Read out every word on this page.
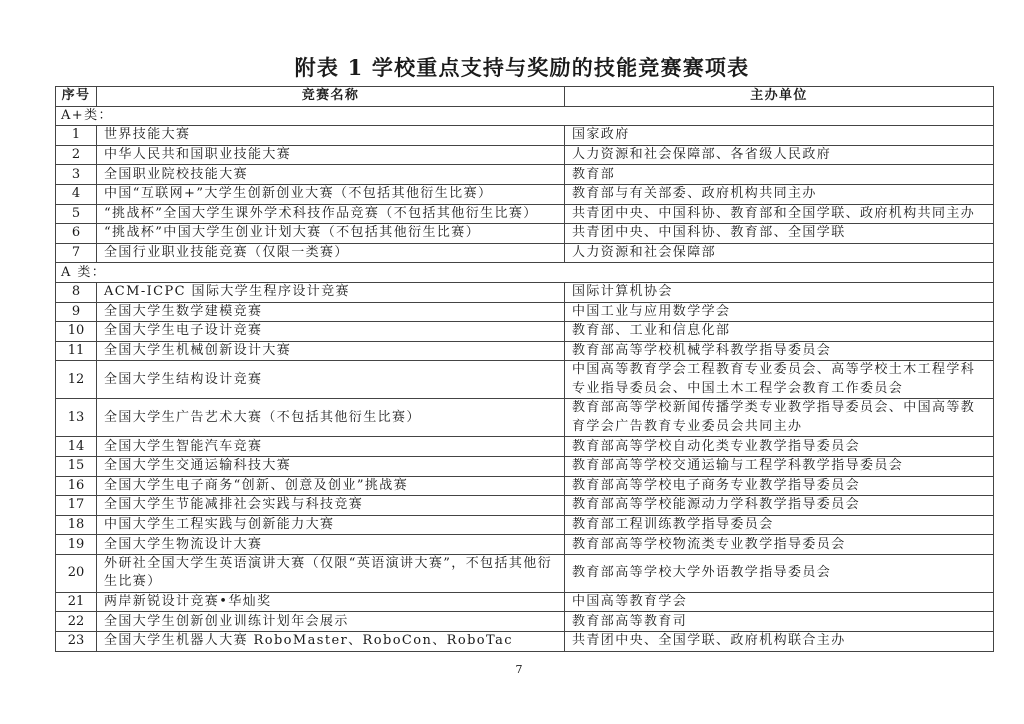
附表 1 学校重点支持与奖励的技能竞赛赛项表
序号	竞赛名称	主办单位
A+类：		
1	世界技能大赛	国家政府
2	中华人民共和国职业技能大赛	人力资源和社会保障部、各省级人民政府
3	全国职业院校技能大赛	教育部
4	中国“互联网+”大学生创新创业大赛（不包括其他衍生比赛）	教育部与有关部委、政府机构共同主办
5	“挑战杯”全国大学生课外学术科技作品竞赛（不包括其他衍生比赛）	共青团中央、中国科协、教育部和全国学联、政府机构共同主办
6	“挑战杯”中国大学生创业计划大赛（不包括其他衍生比赛）	共青团中央、中国科协、教育部、全国学联
7	全国行业职业技能竞赛（仅限一类赛）	人力资源和社会保障部
A 类：		
8	ACM-ICPC 国际大学生程序设计竞赛	国际计算机协会
9	全国大学生数学建模竞赛	中国工业与应用数学学会
10	全国大学生电子设计竞赛	教育部、工业和信息化部
11	全国大学生机械创新设计大赛	教育部高等学校机械学科教学指导委员会
12	全国大学生结构设计竞赛	中国高等教育学会工程教育专业委员会、高等学校土木工程学科专业指导委员会、中国土木工程学会教育工作委员会
13	全国大学生广告艺术大赛（不包括其他衍生比赛）	教育部高等学校新闻传播学类专业教学指导委员会、中国高等教育学会广告教育专业委员会共同主办
14	全国大学生智能汽车竞赛	教育部高等学校自动化类专业教学指导委员会
15	全国大学生交通运输科技大赛	教育部高等学校交通运输与工程学科教学指导委员会
16	全国大学生电子商务“创新、创意及创业”挑战赛	教育部高等学校电子商务专业教学指导委员会
17	全国大学生节能减排社会实践与科技竞赛	教育部高等学校能源动力学科教学指导委员会
18	中国大学生工程实践与创新能力大赛	教育部工程训练教学指导委员会
19	全国大学生物流设计大赛	教育部高等学校物流类专业教学指导委员会
20	外研社全国大学生英语演讲大赛（仅限“英语演讲大赛”，不包括其他衍生比赛）	教育部高等学校大学外语教学指导委员会
21	两岸新锐设计竞赛•华灿奖	中国高等教育学会
22	全国大学生创新创业训练计划年会展示	教育部高等教育司
23	全国大学生机器人大赛 RoboMaster、RoboCon、RoboTac	共青团中央、全国学联、政府机构联合主办
7
